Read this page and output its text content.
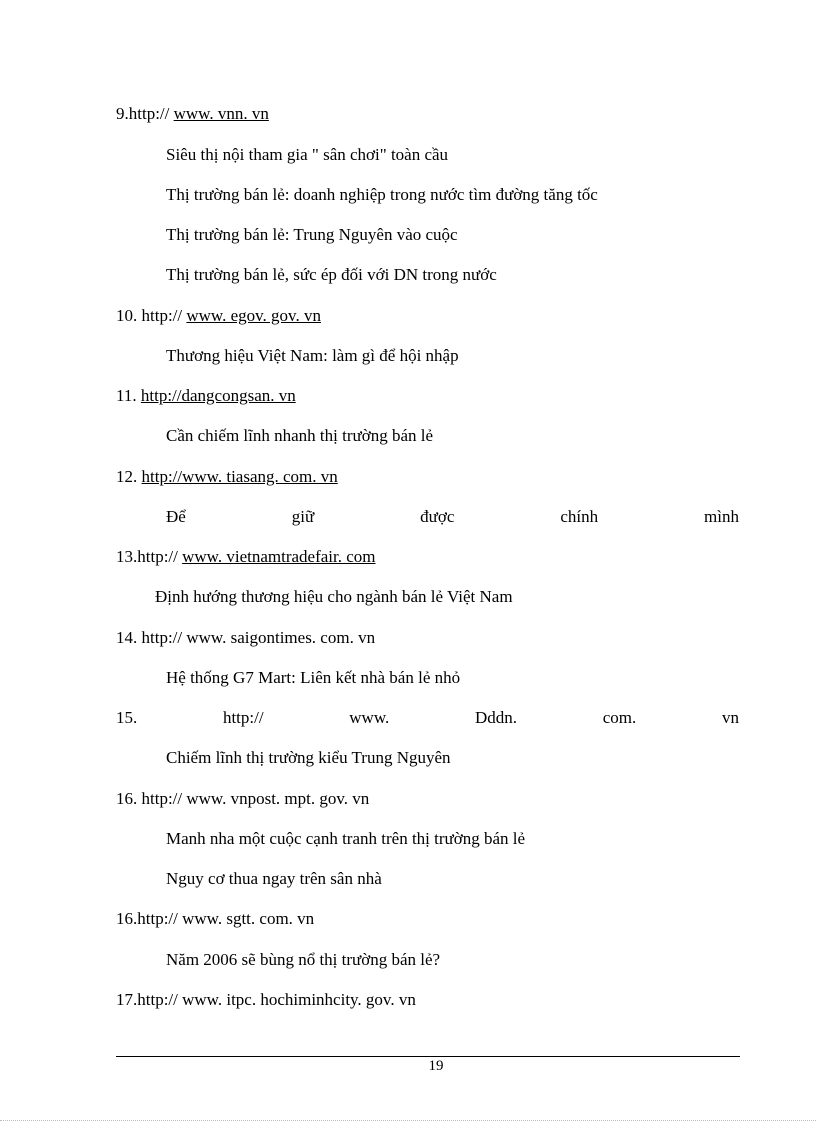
9.http:// www. vnn. vn
Siêu thị nội tham gia " sân chơi" toàn cầu
Thị trường bán lẻ: doanh nghiệp trong nước tìm đường tăng tốc
Thị trường bán lẻ: Trung Nguyên vào cuộc
Thị trường bán lẻ, sức ép đối với DN trong nước
10. http:// www. egov. gov. vn
Thương hiệu Việt Nam: làm gì để hội nhập
11. http://dangcongsan. vn
Cần chiếm lĩnh nhanh thị trường bán lẻ
12. http://www. tiasang. com. vn
Để	giữ	được	chính	mình
13.http:// www. vietnamtradefair. com
Định hướng thương hiệu cho ngành bán lẻ Việt Nam
14. http:// www. saigontimes. com. vn
Hệ thống G7 Mart: Liên kết nhà bán lẻ nhỏ
15.	http://	www.	Dddn.	com.	vn
Chiếm lĩnh thị trường kiểu Trung Nguyên
16. http:// www. vnpost. mpt. gov. vn
Manh nha một cuộc cạnh tranh trên thị trường bán lẻ
Nguy cơ thua ngay trên sân nhà
16.http:// www. sgtt. com. vn
Năm 2006 sẽ bùng nổ thị trường bán lẻ?
17.http:// www. itpc. hochiminhcity. gov. vn
19
